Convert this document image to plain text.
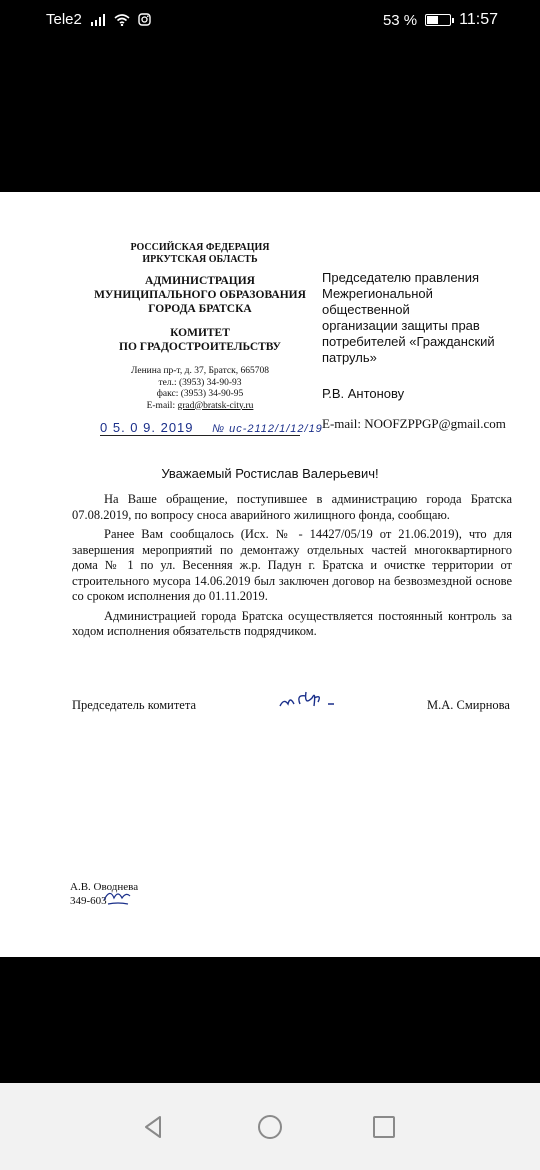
Tele2	53 %	11:57
РОССИЙСКАЯ ФЕДЕРАЦИЯ
ИРКУТСКАЯ ОБЛАСТЬ
АДМИНИСТРАЦИЯ
МУНИЦИПАЛЬНОГО ОБРАЗОВАНИЯ
ГОРОДА БРАТСКА
КОМИТЕТ
ПО ГРАДОСТРОИТЕЛЬСТВУ
Ленина пр-т, д. 37, Братск, 665708
тел.: (3953) 34-90-93
факс: (3953) 34-90-95
E-mail: grad@bratsk-city.ru
0 5. 0 9. 2019 № ис-2112/1/12/19
Председателю правления
Межрегиональной общественной
организации защиты прав
потребителей «Гражданский
патруль»
Р.В. Антонову
E-mail: NOOFZPPGP@gmail.com
Уважаемый Ростислав Валерьевич!

На Ваше обращение, поступившее в администрацию города Братска 07.08.2019, по вопросу сноса аварийного жилищного фонда, сообщаю.

Ранее Вам сообщалось (Исх. № - 14427/05/19 от 21.06.2019), что для завершения мероприятий по демонтажу отдельных частей многоквартирного дома № 1 по ул. Весенняя ж.р. Падун г. Братска и очистке территории от строительного мусора 14.06.2019 был заключен договор на безвозмездной основе со сроком исполнения до 01.11.2019.

Администрацией города Братска осуществляется постоянный контроль за ходом исполнения обязательств подрядчиком.

Председатель комитета	М.А. Смирнова
А.В. Оводнева
349-603
